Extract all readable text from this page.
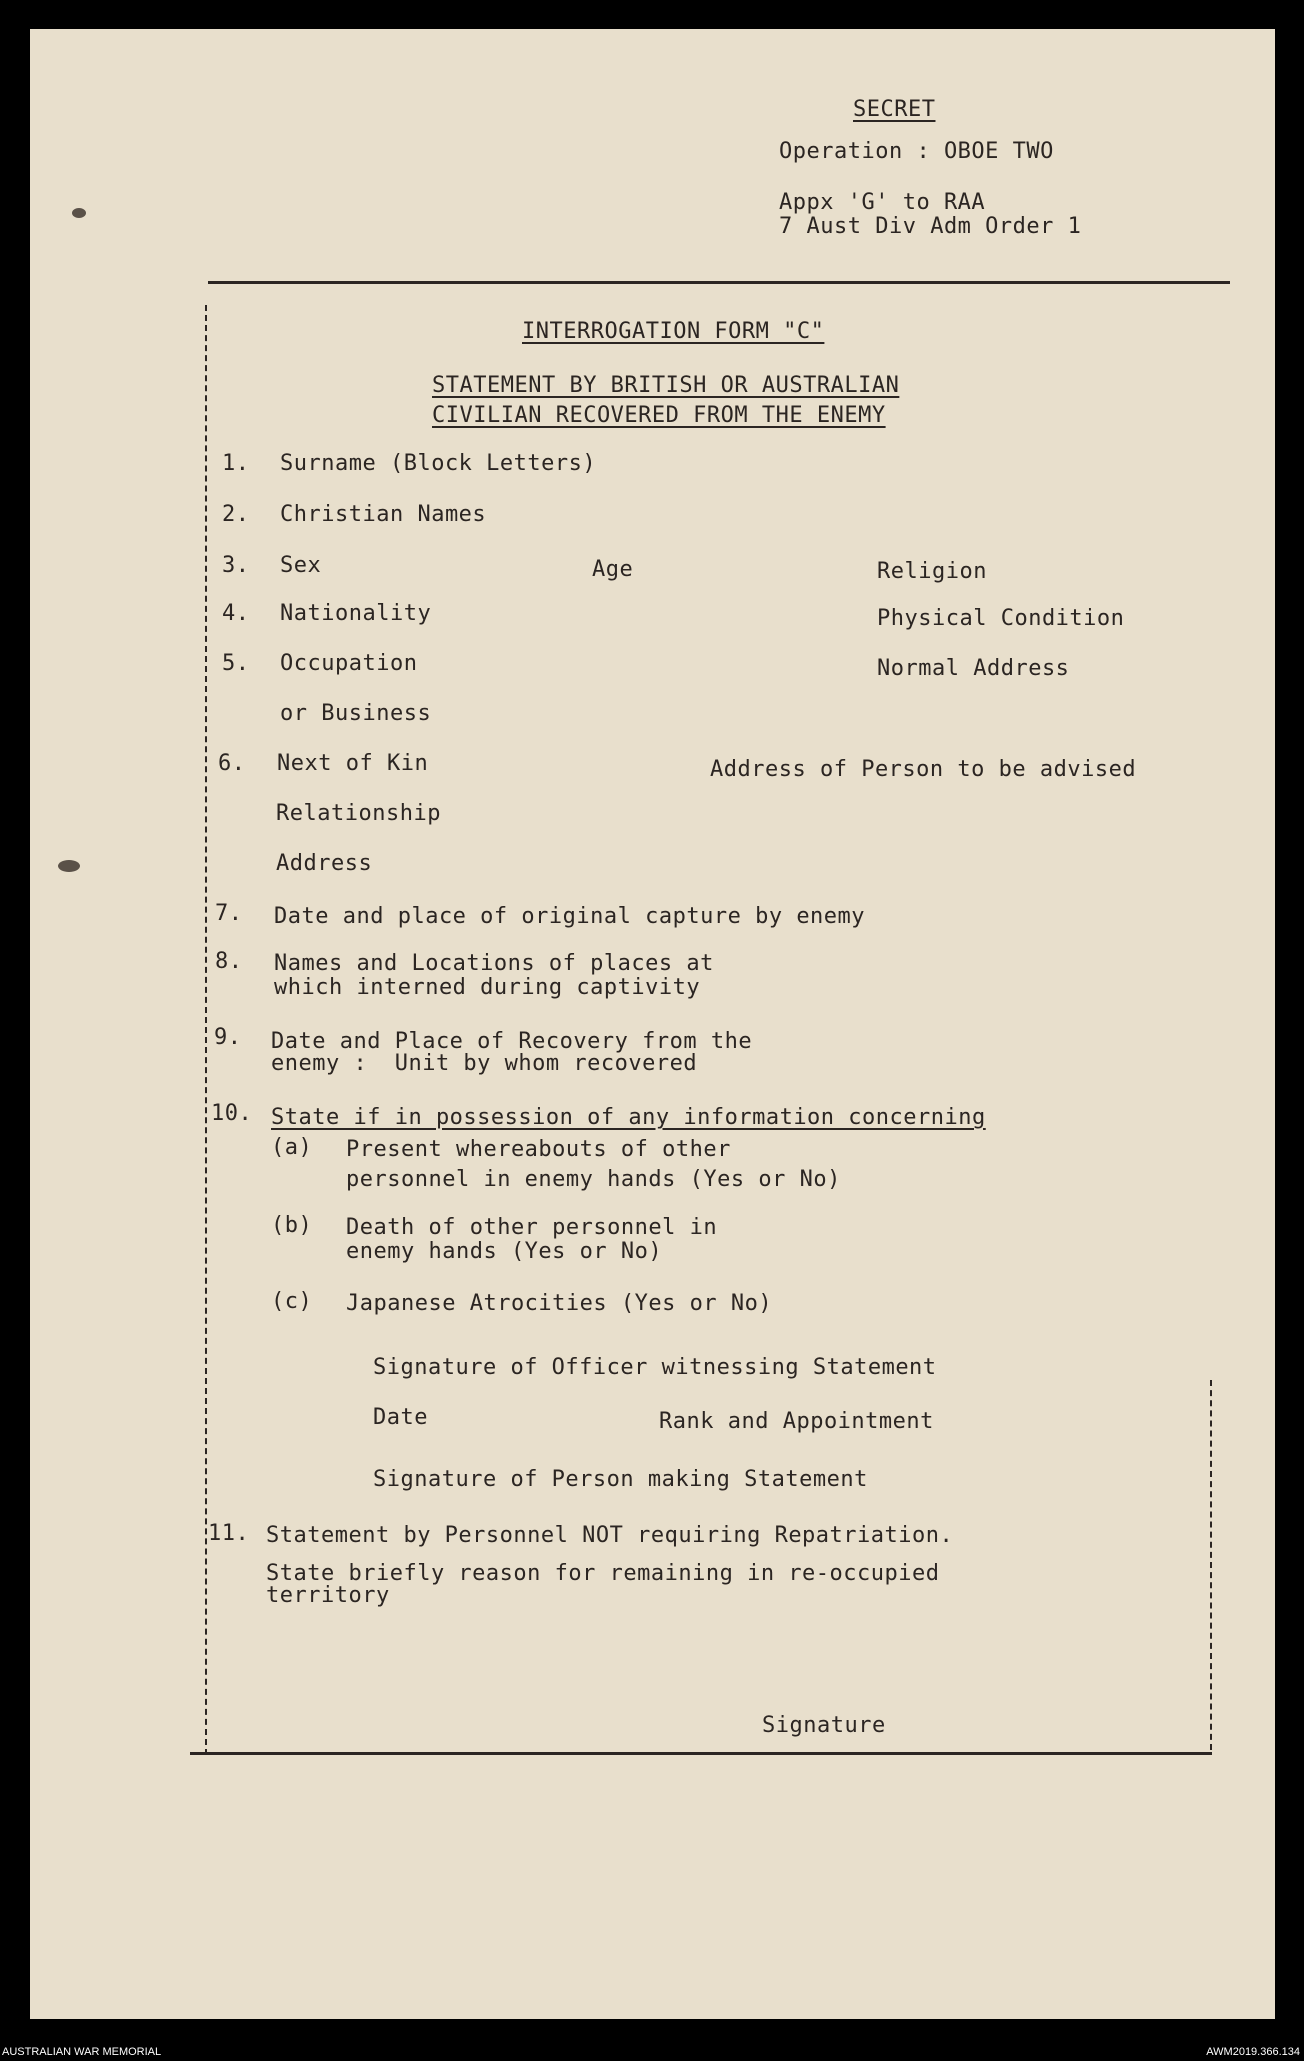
SECRET
Operation : OBOE TWO
Appx 'G' to RAA
7 Aust Div Adm Order 1
INTERROGATION FORM "C"
STATEMENT BY BRITISH OR AUSTRALIAN
CIVILIAN RECOVERED FROM THE ENEMY
1. Surname (Block Letters)
2. Christian Names
3. Sex	Age	Religion
4. Nationality	Physical Condition
5. Occupation	Normal Address
or Business
6. Next of Kin	Address of Person to be advised
Relationship
Address
7. Date and place of original capture by enemy
8. Names and Locations of places at
which interned during captivity
9. Date and Place of Recovery from the
enemy :  Unit by whom recovered
10. State if in possession of any information concerning
(a) Present whereabouts of other
personnel in enemy hands (Yes or No)
(b) Death of other personnel in
enemy hands (Yes or No)
(c) Japanese Atrocities (Yes or No)
Signature of Officer witnessing Statement
Date	Rank and Appointment
Signature of Person making Statement
11. Statement by Personnel NOT requiring Repatriation.
State briefly reason for remaining in re-occupied
territory
Signature
AUSTRALIAN WAR MEMORIAL	AWM2019.366.134
